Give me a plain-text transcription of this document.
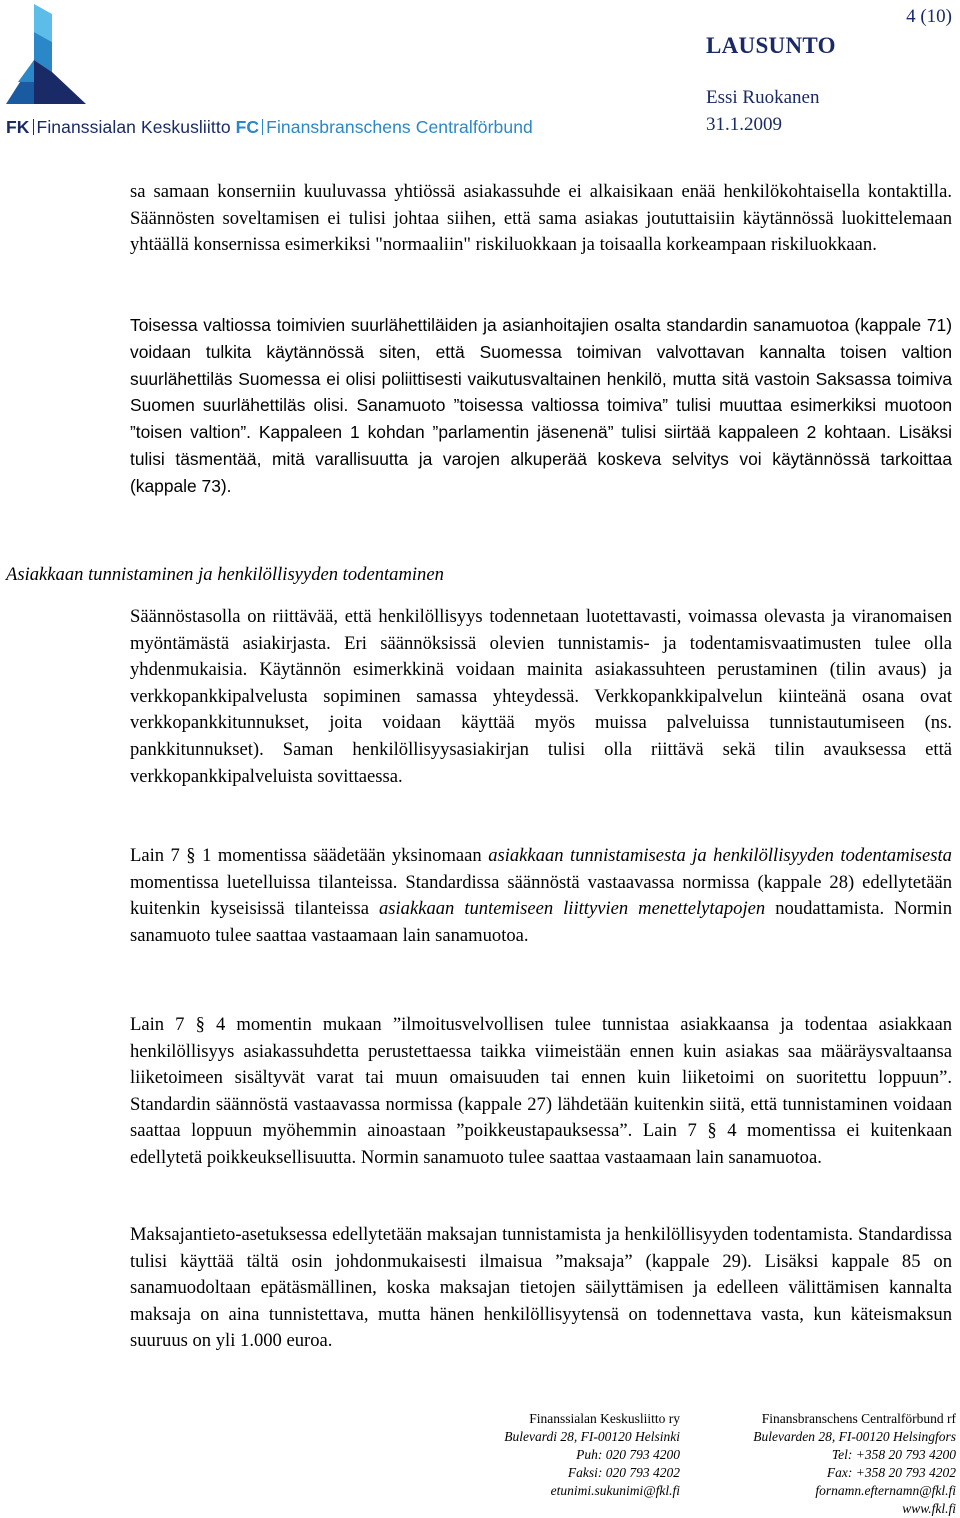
FK Finanssialan Keskusliitto FC Finansbranschens Centralförbund
4 (10)
LAUSUNTO
Essi Ruokanen
31.1.2009

sa samaan konserniin kuuluvassa yhtiössä asiakassuhde ei alkaisikaan enää henkilökohtaisella kontaktilla. Säännösten soveltamisen ei tulisi johtaa siihen, että sama asiakas joututtaisiin käytännössä luokittelemaan yhtäällä konsernissa esimerkiksi "normaaliin" riskiluokkaan ja toisaalla korkeampaan riskiluokkaan.

Toisessa valtiossa toimivien suurlähettiläiden ja asianhoitajien osalta standardin sanamuotoa (kappale 71) voidaan tulkita käytännössä siten, että Suomessa toimivan valvottavan kannalta toisen valtion suurlähettiläs Suomessa ei olisi poliittisesti vaikutusvaltainen henkilö, mutta sitä vastoin Saksassa toimiva Suomen suurlähettiläs olisi. Sanamuoto ”toisessa valtiossa toimiva” tulisi muuttaa esimerkiksi muotoon ”toisen valtion”. Kappaleen 1 kohdan ”parlamentin jäsenenä” tulisi siirtää kappaleen 2 kohtaan. Lisäksi tulisi täsmentää, mitä varallisuutta ja varojen alkuperää koskeva selvitys voi käytännössä tarkoittaa (kappale 73).

Asiakkaan tunnistaminen ja henkilöllisyyden todentaminen

Säännöstasolla on riittävää, että henkilöllisyys todennetaan luotettavasti, voimassa olevasta ja viranomaisen myöntämästä asiakirjasta. Eri säännöksissä olevien tunnistamis- ja todentamisvaatimusten tulee olla yhdenmukaisia. Käytännön esimerkkinä voidaan mainita asiakassuhteen perustaminen (tilin avaus) ja verkkopankkipalvelusta sopiminen samassa yhteydessä. Verkkopankkipalvelun kiinteänä osana ovat verkkopankkitunnukset, joita voidaan käyttää myös muissa palveluissa tunnistautumiseen (ns. pankkitunnukset). Saman henkilöllisyysasiakirjan tulisi olla riittävä sekä tilin avauksessa että verkkopankkipalveluista sovittaessa.

Lain 7 § 1 momentissa säädetään yksinomaan asiakkaan tunnistamisesta ja henkilöllisyyden todentamisesta momentissa luetelluissa tilanteissa. Standardissa säännöstä vastaavassa normissa (kappale 28) edellytetään kuitenkin kyseisissä tilanteissa asiakkaan tuntemiseen liittyvien menettelytapojen noudattamista. Normin sanamuoto tulee saattaa vastaamaan lain sanamuotoa.

Lain 7 § 4 momentin mukaan ”ilmoitusvelvollisen tulee tunnistaa asiakkaansa ja todentaa asiakkaan henkilöllisyys asiakassuhdetta perustettaessa taikka viimeistään ennen kuin asiakas saa määräysvaltaansa liiketoimeen sisältyvät varat tai muun omaisuuden tai ennen kuin liiketoimi on suoritettu loppuun”. Standardin säännöstä vastaavassa normissa (kappale 27) lähdetään kuitenkin siitä, että tunnistaminen voidaan saattaa loppuun myöhemmin ainoastaan ”poikkeustapauksessa”. Lain 7 § 4 momentissa ei kuitenkaan edellytetä poikkeuksellisuutta. Normin sanamuoto tulee saattaa vastaamaan lain sanamuotoa.

Maksajantieto-asetuksessa edellytetään maksajan tunnistamista ja henkilöllisyyden todentamista. Standardissa tulisi käyttää tältä osin johdonmukaisesti ilmaisua ”maksaja” (kappale 29). Lisäksi kappale 85 on sanamuodoltaan epätäsmällinen, koska maksajan tietojen säilyttämisen ja edelleen välittämisen kannalta maksaja on aina tunnistettava, mutta hänen henkilöllisyytensä on todennettava vasta, kun käteismaksun suuruus on yli 1.000 euroa.

Finanssialan Keskusliitto ry
Bulevardi 28, FI-00120 Helsinki
Puh: 020 793 4200
Faksi: 020 793 4202
etunimi.sukunimi@fkl.fi
Finansbranschens Centralförbund rf
Bulevarden 28, FI-00120 Helsingfors
Tel: +358 20 793 4200
Fax: +358 20 793 4202
fornamn.efternamn@fkl.fi
www.fkl.fi
